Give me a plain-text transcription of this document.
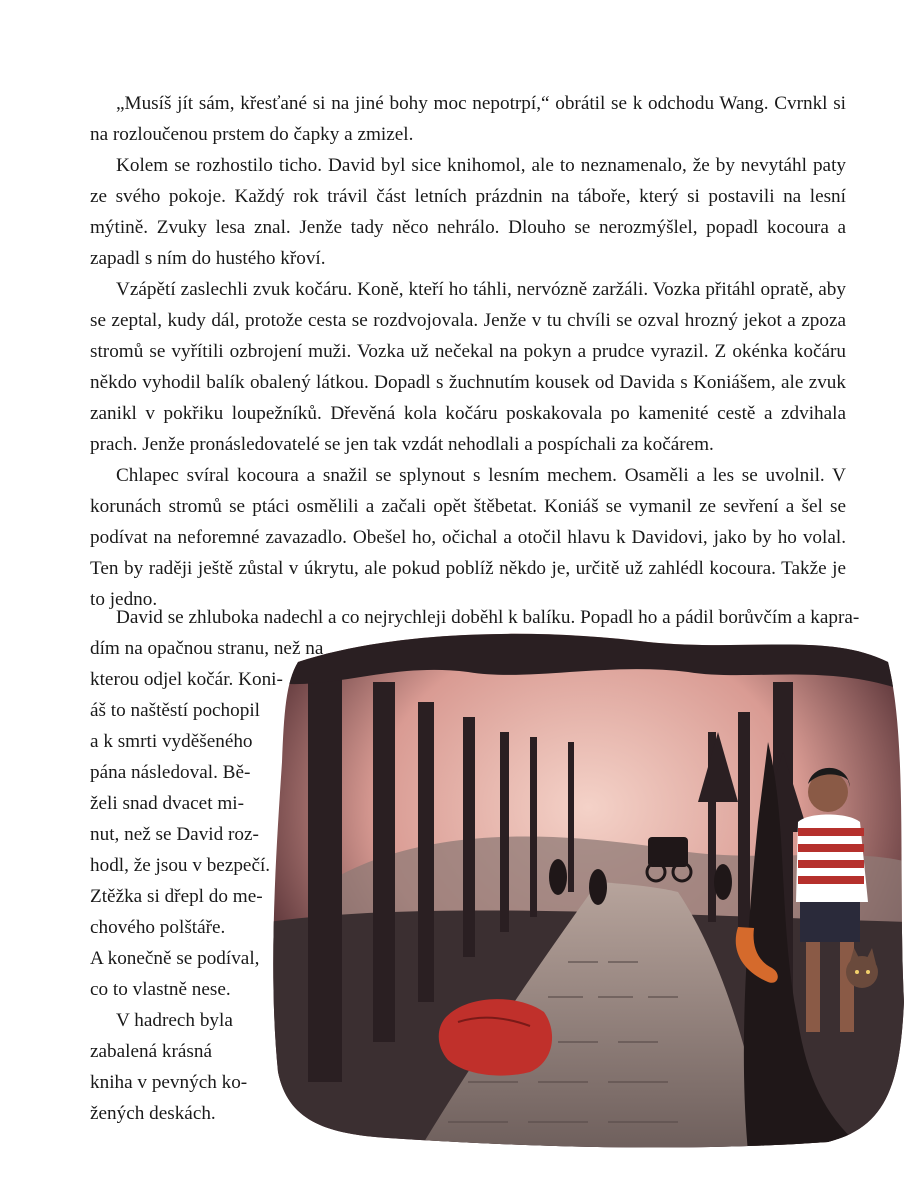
„Musíš jít sám, křesťané si na jiné bohy moc nepotrpí,“ obrátil se k odchodu Wang. Cvrnkl si na rozloučenou prstem do čapky a zmizel.

Kolem se rozhostilo ticho. David byl sice knihomol, ale to neznamenalo, že by nevytáhl paty ze svého pokoje. Každý rok trávil část letních prázdnin na táboře, který si postavili na lesní mýtině. Zvuky lesa znal. Jenže tady něco nehrálo. Dlouho se nerozmýšlel, popadl kocoura a zapadl s ním do hustého křoví.

Vzápětí zaslechli zvuk kočáru. Koně, kteří ho táhli, nervózně zaržáli. Vozka přitáhl opratě, aby se zeptal, kudy dál, protože cesta se rozdvojovala. Jenže v tu chvíli se ozval hrozný jekot a zpoza stromů se vyřítili ozbrojení muži. Vozka už nečekal na pokyn a prudce vyrazil. Z okénka kočáru někdo vyhodil balík obalený látkou. Dopadl s žuchnutím kousek od Davida s Koniášem, ale zvuk zanikl v pokřiku loupežníků. Dřevěná kola kočáru poskakovala po kamenité cestě a zdvihala prach. Jenže pronásledovatelé se jen tak vzdát nehodlali a pospíchali za kočárem.

Chlapec svíral kocoura a snažil se splynout s lesním mechem. Osaměli a les se uvolnil. V korunách stromů se ptáci osmělili a začali opět štěbetat. Koniáš se vymanil ze sevření a šel se podívat na neforemné zavazadlo. Obešel ho, očichal a otočil hlavu k Davidovi, jako by ho volal. Ten by raději ještě zůstal v úkrytu, ale pokud poblíž někdo je, určitě už zahlédl kocoura. Takže je to jedno.

David se zhluboka nadechl a co nejrychleji doběhl k balíku. Popadl ho a pádil borůvčím a kapra-
dím na opačnou stranu, než na
kterou odjel kočár. Koni-
áš to naštěstí pochopil
a k smrti vyděšeného
pána následoval. Bě-
želi snad dvacet mi-
nut, než se David roz-
hodl, že jsou v bezpečí.
Ztěžka si dřepl do me-
chového polštáře.
A konečně se podíval,
co to vlastně nese.
V hadrech byla
zabalená krásná
kniha v pevných ko-
žených deskách.
